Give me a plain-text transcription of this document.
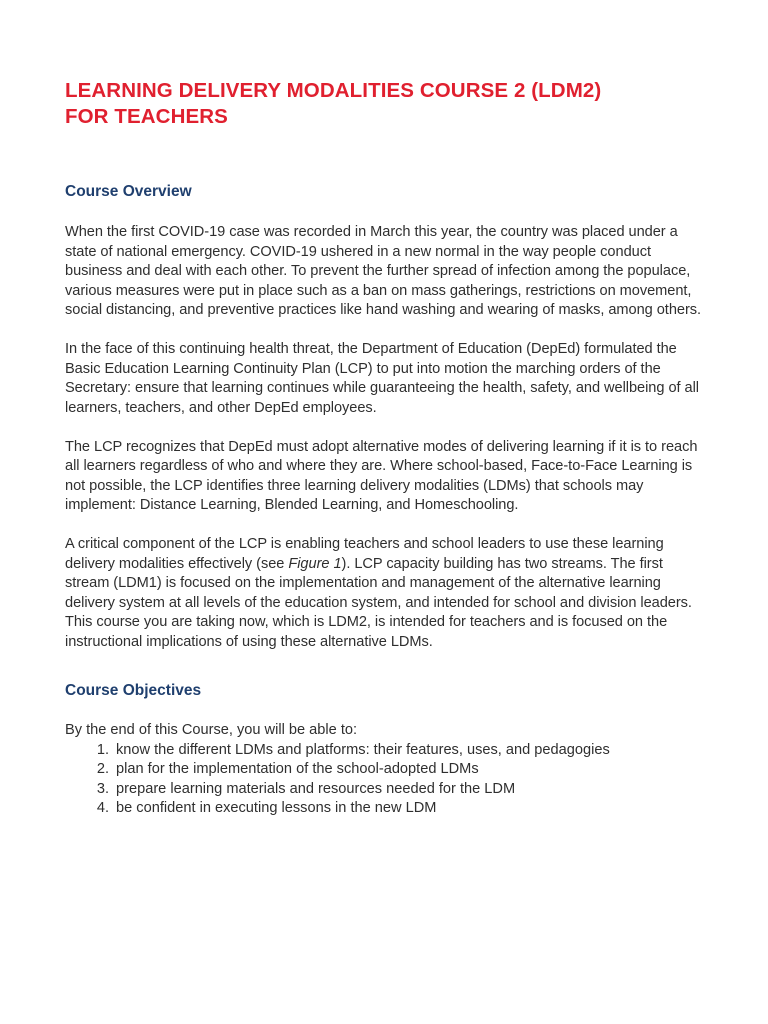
LEARNING DELIVERY MODALITIES COURSE 2 (LDM2)
FOR TEACHERS
Course Overview

When the first COVID-19 case was recorded in March this year, the country was placed under a state of national emergency. COVID-19 ushered in a new normal in the way people conduct business and deal with each other. To prevent the further spread of infection among the populace, various measures were put in place such as a ban on mass gatherings, restrictions on movement, social distancing, and preventive practices like hand washing and wearing of masks, among others.

In the face of this continuing health threat, the Department of Education (DepEd) formulated the Basic Education Learning Continuity Plan (LCP) to put into motion the marching orders of the Secretary: ensure that learning continues while guaranteeing the health, safety, and wellbeing of all learners, teachers, and other DepEd employees.

The LCP recognizes that DepEd must adopt alternative modes of delivering learning if it is to reach all learners regardless of who and where they are. Where school-based, Face-to-Face Learning is not possible, the LCP identifies three learning delivery modalities (LDMs) that schools may implement: Distance Learning, Blended Learning, and Homeschooling.

A critical component of the LCP is enabling teachers and school leaders to use these learning delivery modalities effectively (see Figure 1). LCP capacity building has two streams. The first stream (LDM1) is focused on the implementation and management of the alternative learning delivery system at all levels of the education system, and intended for school and division leaders. This course you are taking now, which is LDM2, is intended for teachers and is focused on the instructional implications of using these alternative LDMs.

Course Objectives

By the end of this Course, you will be able to:

1. know the different LDMs and platforms: their features, uses, and pedagogies
2. plan for the implementation of the school-adopted LDMs
3. prepare learning materials and resources needed for the LDM
4. be confident in executing lessons in the new LDM
